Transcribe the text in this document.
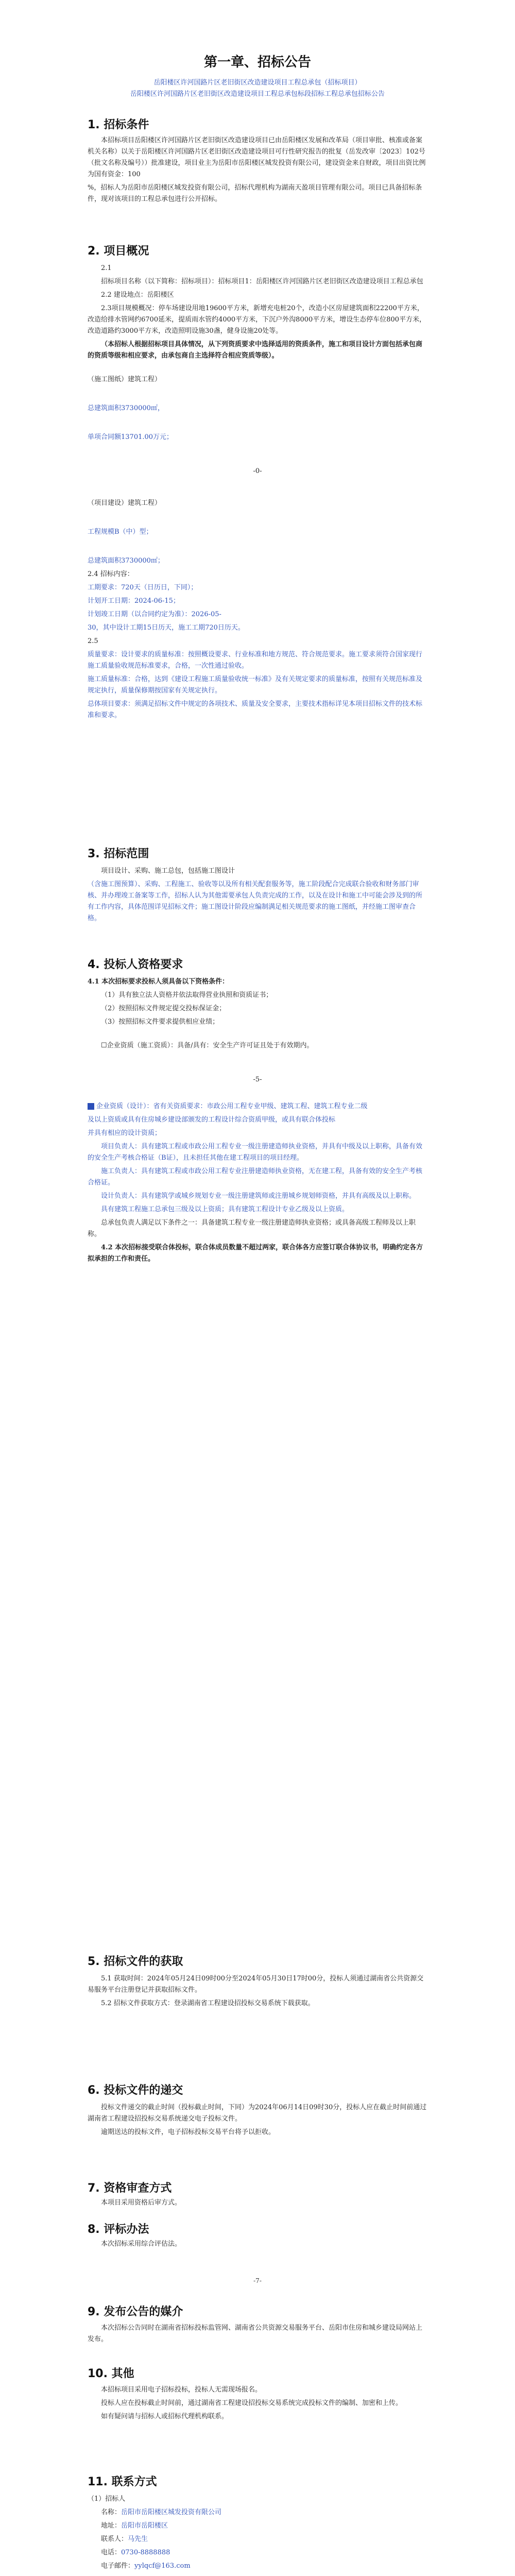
第一章、招标公告
岳阳楼区许河国路片区老旧街区改造建设项目工程总承包（招标项目）
岳阳楼区许河国路片区老旧街区改造建设项目工程总承包标段招标工程总承包招标公告
1. 招标条件

本招标项目岳阳楼区许河国路片区老旧街区改造建设项目已由岳阳楼区发展和改革局（项目审批、核准或备案机关名称）以关于岳阳楼区许河国路片区老旧街区改造建设项目可行性研究报告的批复（岳发改审〔2023〕102号（批文名称及编号））批准建设，项目业主为岳阳市岳阳楼区城发投资有限公司，建设资金来自财政，项目出资比例为国有资金：100

%，招标人为岳阳市岳阳楼区城发投资有限公司，招标代理机构为湖南天盈项目管理有限公司。项目已具备招标条件，现对该项目的工程总承包进行公开招标。

2. 项目概况

2.1

招标项目名称（以下简称：招标项目）：招标项目1：岳阳楼区许河国路片区老旧街区改造建设项目工程总承包

2.2 建设地点：岳阳楼区

2.3项目规模概况：停车场建设用地19600平方米，新增充电桩20个，改造小区房屋建筑面积22200平方米，改造给排水管网约6700延米，提质雨水管约4000平方米，下沉户外沟8000平方米，增设生态停车位800平方米，改造道路约3000平方米，改造照明设施30盏，健身设施20处等。

（本招标人根据招标项目具体情况，从下列资质要求中选择适用的资质条件，施工和项目设计方面包括承包商的资质等级和相应要求，由承包商自主选择符合相应资质等级）。

（施工图纸）建筑工程）

总建筑面积3730000㎡，

单项合同额13701.00万元；

-0-

（项目建设）建筑工程）

工程规模B（中）型；

总建筑面积3730000㎡；

2.4 招标内容：

工期要求：720天（日历日，下同）；

计划开工日期：2024-06-15；

计划竣工日期（以合同约定为准）：2026-05-

30，其中设计工期15日历天，施工工期720日历天。

2.5

质量要求：设计要求的质量标准：按照概设要求、行业标准和地方规范、符合规范要求。施工要求须符合国家现行施工质量验收规范标准要求，合格，一次性通过验收。

施工质量标准：合格，达到《建设工程施工质量验收统一标准》及有关规定要求的质量标准，按照有关规范标准及规定执行，质量保修期按国家有关规定执行。

总体项目要求：须满足招标文件中规定的各项技术、质量及安全要求，主要技术指标详见本项目招标文件的技术标准和要求。

3. 招标范围

项目设计、采购、施工总包，包括施工图设计

（含施工图预算）、采购、工程施工、验收等以及所有相关配套服务等，施工阶段配合完成联合验收和财务部门审核、并办理竣工备案等工作，招标人认为其他需要承包人负责完成的工作，以及在设计和施工中可能会涉及到的所有工作内容，具体范围详见招标文件；施工图设计阶段应编制满足相关规范要求的施工图纸，并经施工图审查合格。

4. 投标人资格要求

4.1 本次招标要求投标人须具备以下资格条件：

（1）具有独立法人资格并依法取得营业执照和资质证书；

（2）按照招标文件规定提交投标保证金；

（3）按照招标文件要求提供相应业绩；

☐企业资质（施工资质）：具备/具有：安全生产许可证且处于有效期内。

-5-

企业资质（设计）：省有关资质要求：市政公用工程专业甲级、建筑工程、建筑工程专业二级

及以上资质或具有住房城乡建设部颁发的工程设计综合资质甲级，或具有联合体投标

并具有相应的设计资质；

项目负责人：具有建筑工程或市政公用工程专业一级注册建造师执业资格，并具有中级及以上职称，具备有效的安全生产考核合格证（B证），且未担任其他在建工程项目的项目经理。

施工负责人：具有建筑工程或市政公用工程专业注册建造师执业资格，无在建工程，具备有效的安全生产考核合格证。

设计负责人：具有建筑学或城乡规划专业一级注册建筑师或注册城乡规划师资格，并具有高级及以上职称。

具有建筑工程施工总承包三级及以上资质；具有建筑工程设计专业乙级及以上资质。

总承包负责人满足以下条件之一：具备建筑工程专业一级注册建造师执业资格；或具备高级工程师及以上职称。

4.2 本次招标接受联合体投标，联合体成员数量不超过两家，联合体各方应签订联合体协议书，明确约定各方拟承担的工作和责任。

5. 招标文件的获取

5.1 获取时间：2024年05月24日09时00分至2024年05月30日17时00分，投标人须通过湖南省公共资源交易服务平台注册登记并获取招标文件。

5.2 招标文件获取方式：登录湖南省工程建设招投标交易系统下载获取。

6. 投标文件的递交

投标文件递交的截止时间（投标截止时间，下同）为2024年06月14日09时30分，投标人应在截止时间前通过湖南省工程建设招投标交易系统递交电子投标文件。

逾期送达的投标文件，电子招标投标交易平台将予以拒收。

7. 资格审查方式

本项目采用资格后审方式。

8. 评标办法

本次招标采用综合评估法。

-7-
9. 发布公告的媒介

本次招标公告同时在湖南省招标投标监管网、湖南省公共资源交易服务平台、岳阳市住房和城乡建设局网站上发布。

10. 其他

本招标项目采用电子招标投标，投标人无需现场报名。

投标人应在投标截止时间前，通过湖南省工程建设招投标交易系统完成投标文件的编制、加密和上传。

如有疑问请与招标人或招标代理机构联系。

11. 联系方式

（1）招标人

名称：岳阳市岳阳楼区城发投资有限公司

地址：岳阳市岳阳楼区

联系人：马先生

电话：0730-8888888

电子邮件：yylqcf@163.com
